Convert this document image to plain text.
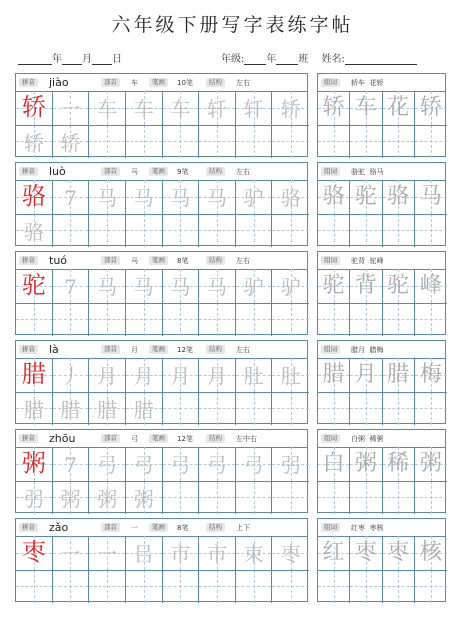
六年级下册写字表练字帖
年 月 日	年级: 年 班 姓名:
拼音 jiào	部首	车	笔画	10笔	结构	左右
轿 一 车 车 车 轩 轩 轿
轿 轿
组词	轿车  花轿
轿 车 花 轿
拼音 luò	部首	马	笔画	9笔	结构	左右
骆 7	马 马 马 马 驴 骆
骆
组词	骆驼  骆马
骆 驼 骆 马
拼音 tuó	部首	马	笔画	8笔	结构	左右
驼 7	马 马 马 马 驴 驴
组词	驼背  驼峰
驼 背 驼 峰
拼音 là	部首	月	笔画	12笔	结构	左右
腊 丿 月 月 月 月 肚 肚
腊 腊 腊 腊
组词	腊月  腊梅
腊 月 腊 梅
拼音 zhōu	部首	弓	笔画	12笔	结构	左中右
粥 7	弓 弓 弓 弓 弓 弜
弜 粥 粥 粥
组词	白粥  稀粥
白 粥 稀 粥
拼音 zǎo	部首	一	笔画	8笔	结构	上下
枣 一 一 㠯 市 市 束 枣
组词	红枣  枣核
红 枣 枣 核
